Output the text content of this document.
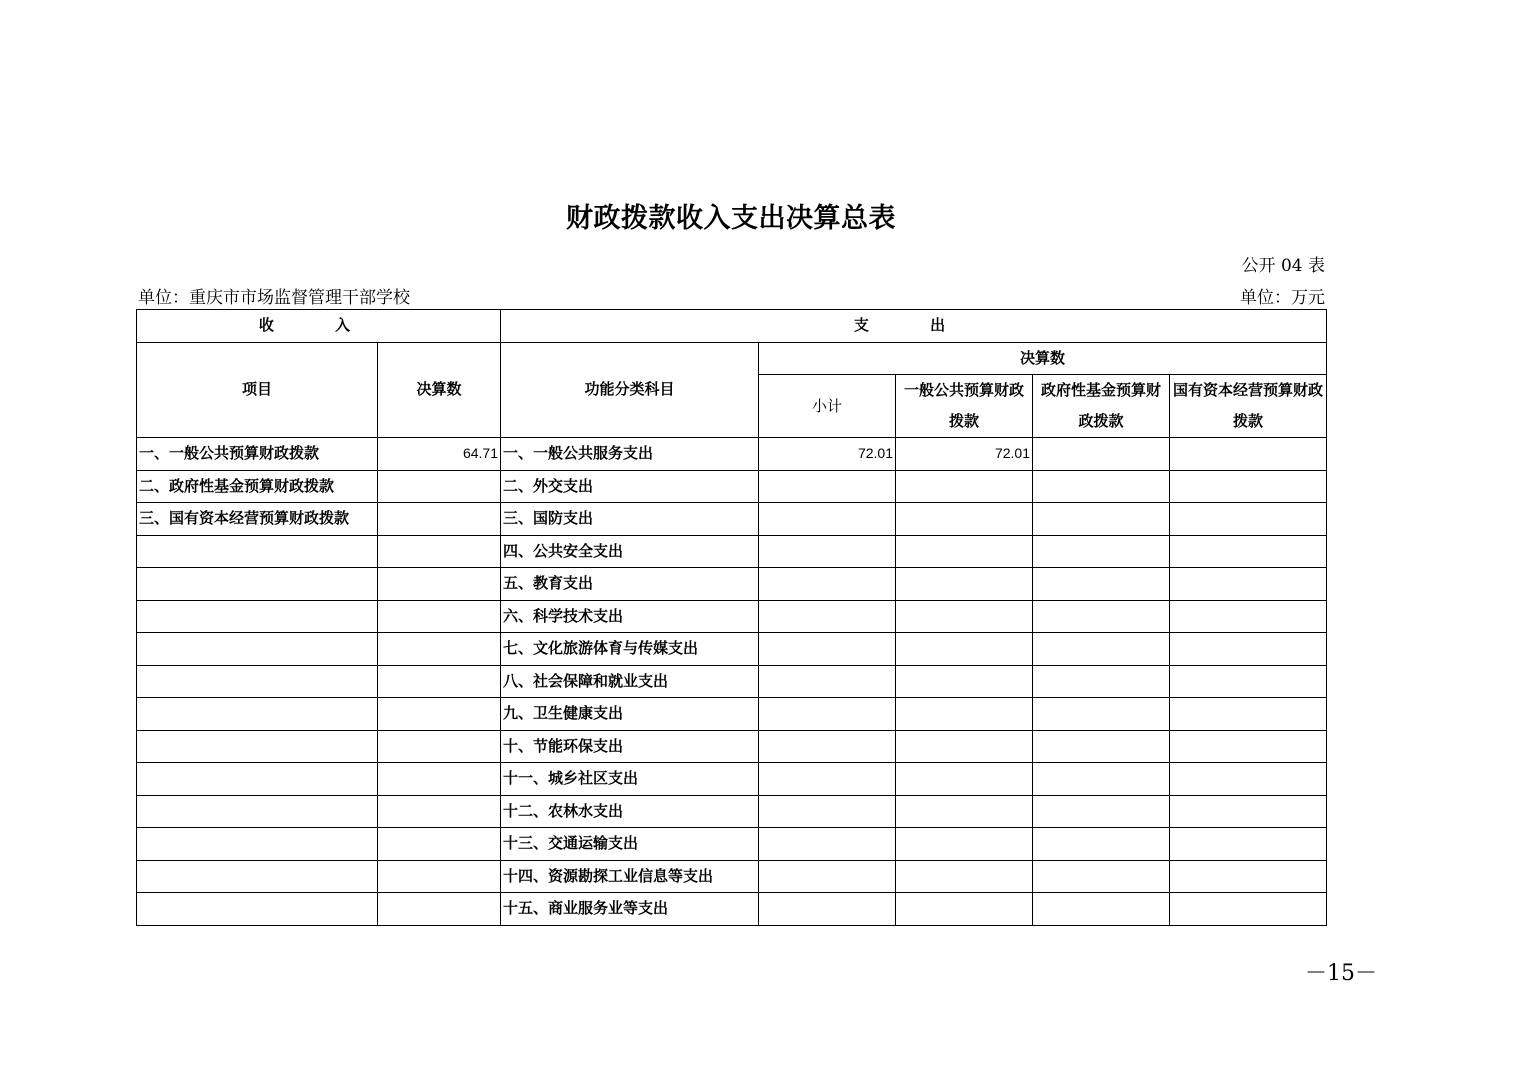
财政拨款收入支出决算总表
公开 04 表
单位：重庆市市场监督管理干部学校	单位：万元
收 入		支 出				
项目	决算数	功能分类科目	决算数			
			小计	一般公共预算财政拨款	政府性基金预算财政拨款	国有资本经营预算财政拨款
一、一般公共预算财政拨款	64.71	一、一般公共服务支出	72.01	72.01		
二、政府性基金预算财政拨款		二、外交支出				
三、国有资本经营预算财政拨款		三、国防支出				
		四、公共安全支出				
		五、教育支出				
		六、科学技术支出				
		七、文化旅游体育与传媒支出				
		八、社会保障和就业支出				
		九、卫生健康支出				
		十、节能环保支出				
		十一、城乡社区支出				
		十二、农林水支出				
		十三、交通运输支出				
		十四、资源勘探工业信息等支出				
		十五、商业服务业等支出				
－15－
